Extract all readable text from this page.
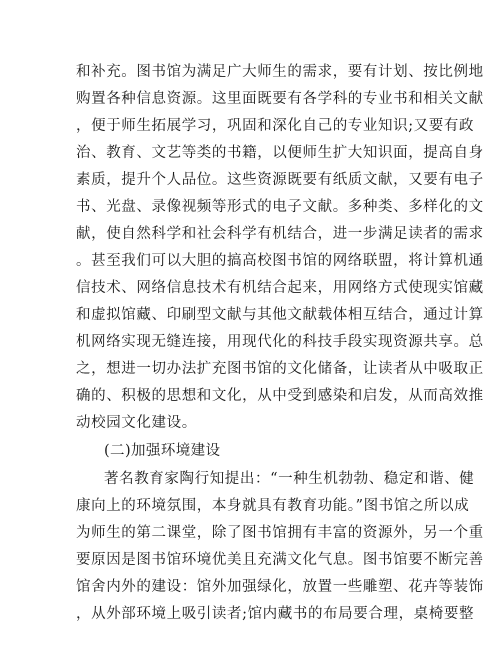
和补充。图书馆为满足广大师生的需求，要有计划、按比例地
购置各种信息资源。这里面既要有各学科的专业书和相关文献
，便于师生拓展学习，巩固和深化自己的专业知识;又要有政
治、教育、文艺等类的书籍，以便师生扩大知识面，提高自身
素质，提升个人品位。这些资源既要有纸质文献，又要有电子
书、光盘、录像视频等形式的电子文献。多种类、多样化的文
献，使自然科学和社会科学有机结合，进一步满足读者的需求
。甚至我们可以大胆的搞高校图书馆的网络联盟，将计算机通
信技术、网络信息技术有机结合起来，用网络方式使现实馆藏
和虚拟馆藏、印刷型文献与其他文献载体相互结合，通过计算
机网络实现无缝连接，用现代化的科技手段实现资源共享。总
之，想进一切办法扩充图书馆的文化储备，让读者从中吸取正
确的、积极的思想和文化，从中受到感染和启发，从而高效推
动校园文化建设。
(二)加强环境建设
著名教育家陶行知提出：“一种生机勃勃、稳定和谐、健
康向上的环境氛围，本身就具有教育功能。”图书馆之所以成
为师生的第二课堂，除了图书馆拥有丰富的资源外，另一个重
要原因是图书馆环境优美且充满文化气息。图书馆要不断完善
馆舍内外的建设：馆外加强绿化，放置一些雕塑、花卉等装饰
，从外部环境上吸引读者;馆内藏书的布局要合理，桌椅要整
